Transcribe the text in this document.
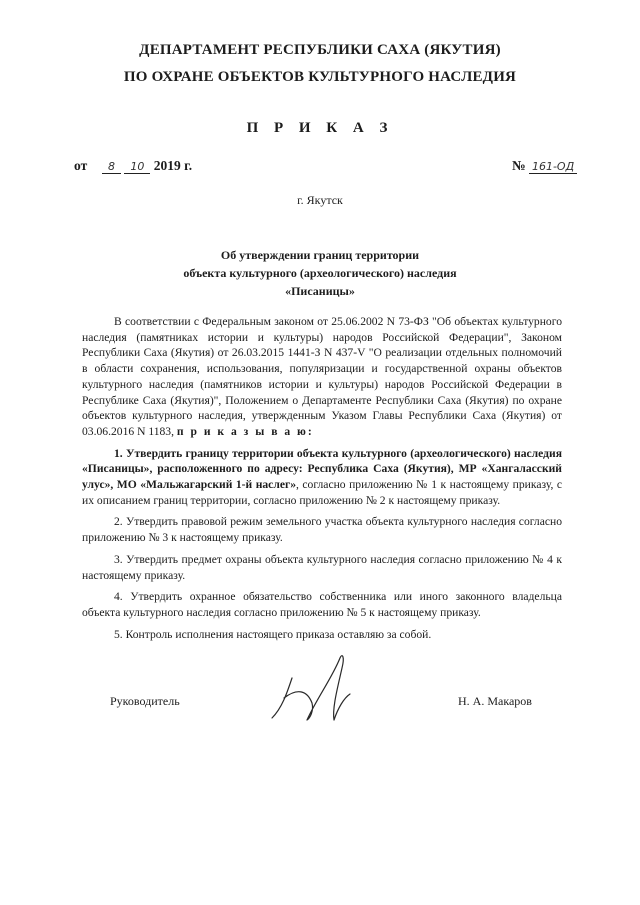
ДЕПАРТАМЕНТ РЕСПУБЛИКИ САХА (ЯКУТИЯ)
ПО ОХРАНЕ ОБЪЕКТОВ КУЛЬТУРНОГО НАСЛЕДИЯ
П Р И К А З
от 8 10 2019 г.	№ 161-ОД
г. Якутск
Об утверждении границ территории
объекта культурного (археологического) наследия
«Писаницы»

В соответствии с Федеральным законом от 25.06.2002 N 73-ФЗ "Об объектах культурного наследия (памятниках истории и культуры) народов Российской Федерации", Законом Республики Саха (Якутия) от 26.03.2015 1441-З N 437-V "О реализации отдельных полномочий в области сохранения, использования, популяризации и государственной охраны объектов культурного наследия (памятников истории и культуры) народов Российской Федерации в Республике Саха (Якутия)", Положением о Департаменте Республики Саха (Якутия) по охране объектов культурного наследия, утвержденным Указом Главы Республики Саха (Якутия) от 03.06.2016 N 1183, п р и к а з ы в а ю:

1. Утвердить границу территории объекта культурного (археологического) наследия «Писаницы», расположенного по адресу: Республика Саха (Якутия), МР «Хангаласский улус», МО «Мальжагарский 1-й наслег», согласно приложению № 1 к настоящему приказу, с их описанием границ территории, согласно приложению № 2 к настоящему приказу.

2. Утвердить правовой режим земельного участка объекта культурного наследия согласно приложению № 3 к настоящему приказу.

3. Утвердить предмет охраны объекта культурного наследия согласно приложению № 4 к настоящему приказу.

4. Утвердить охранное обязательство собственника или иного законного владельца объекта культурного наследия согласно приложению № 5 к настоящему приказу.

5. Контроль исполнения настоящего приказа оставляю за собой.

Руководитель	Н. А. Макаров
